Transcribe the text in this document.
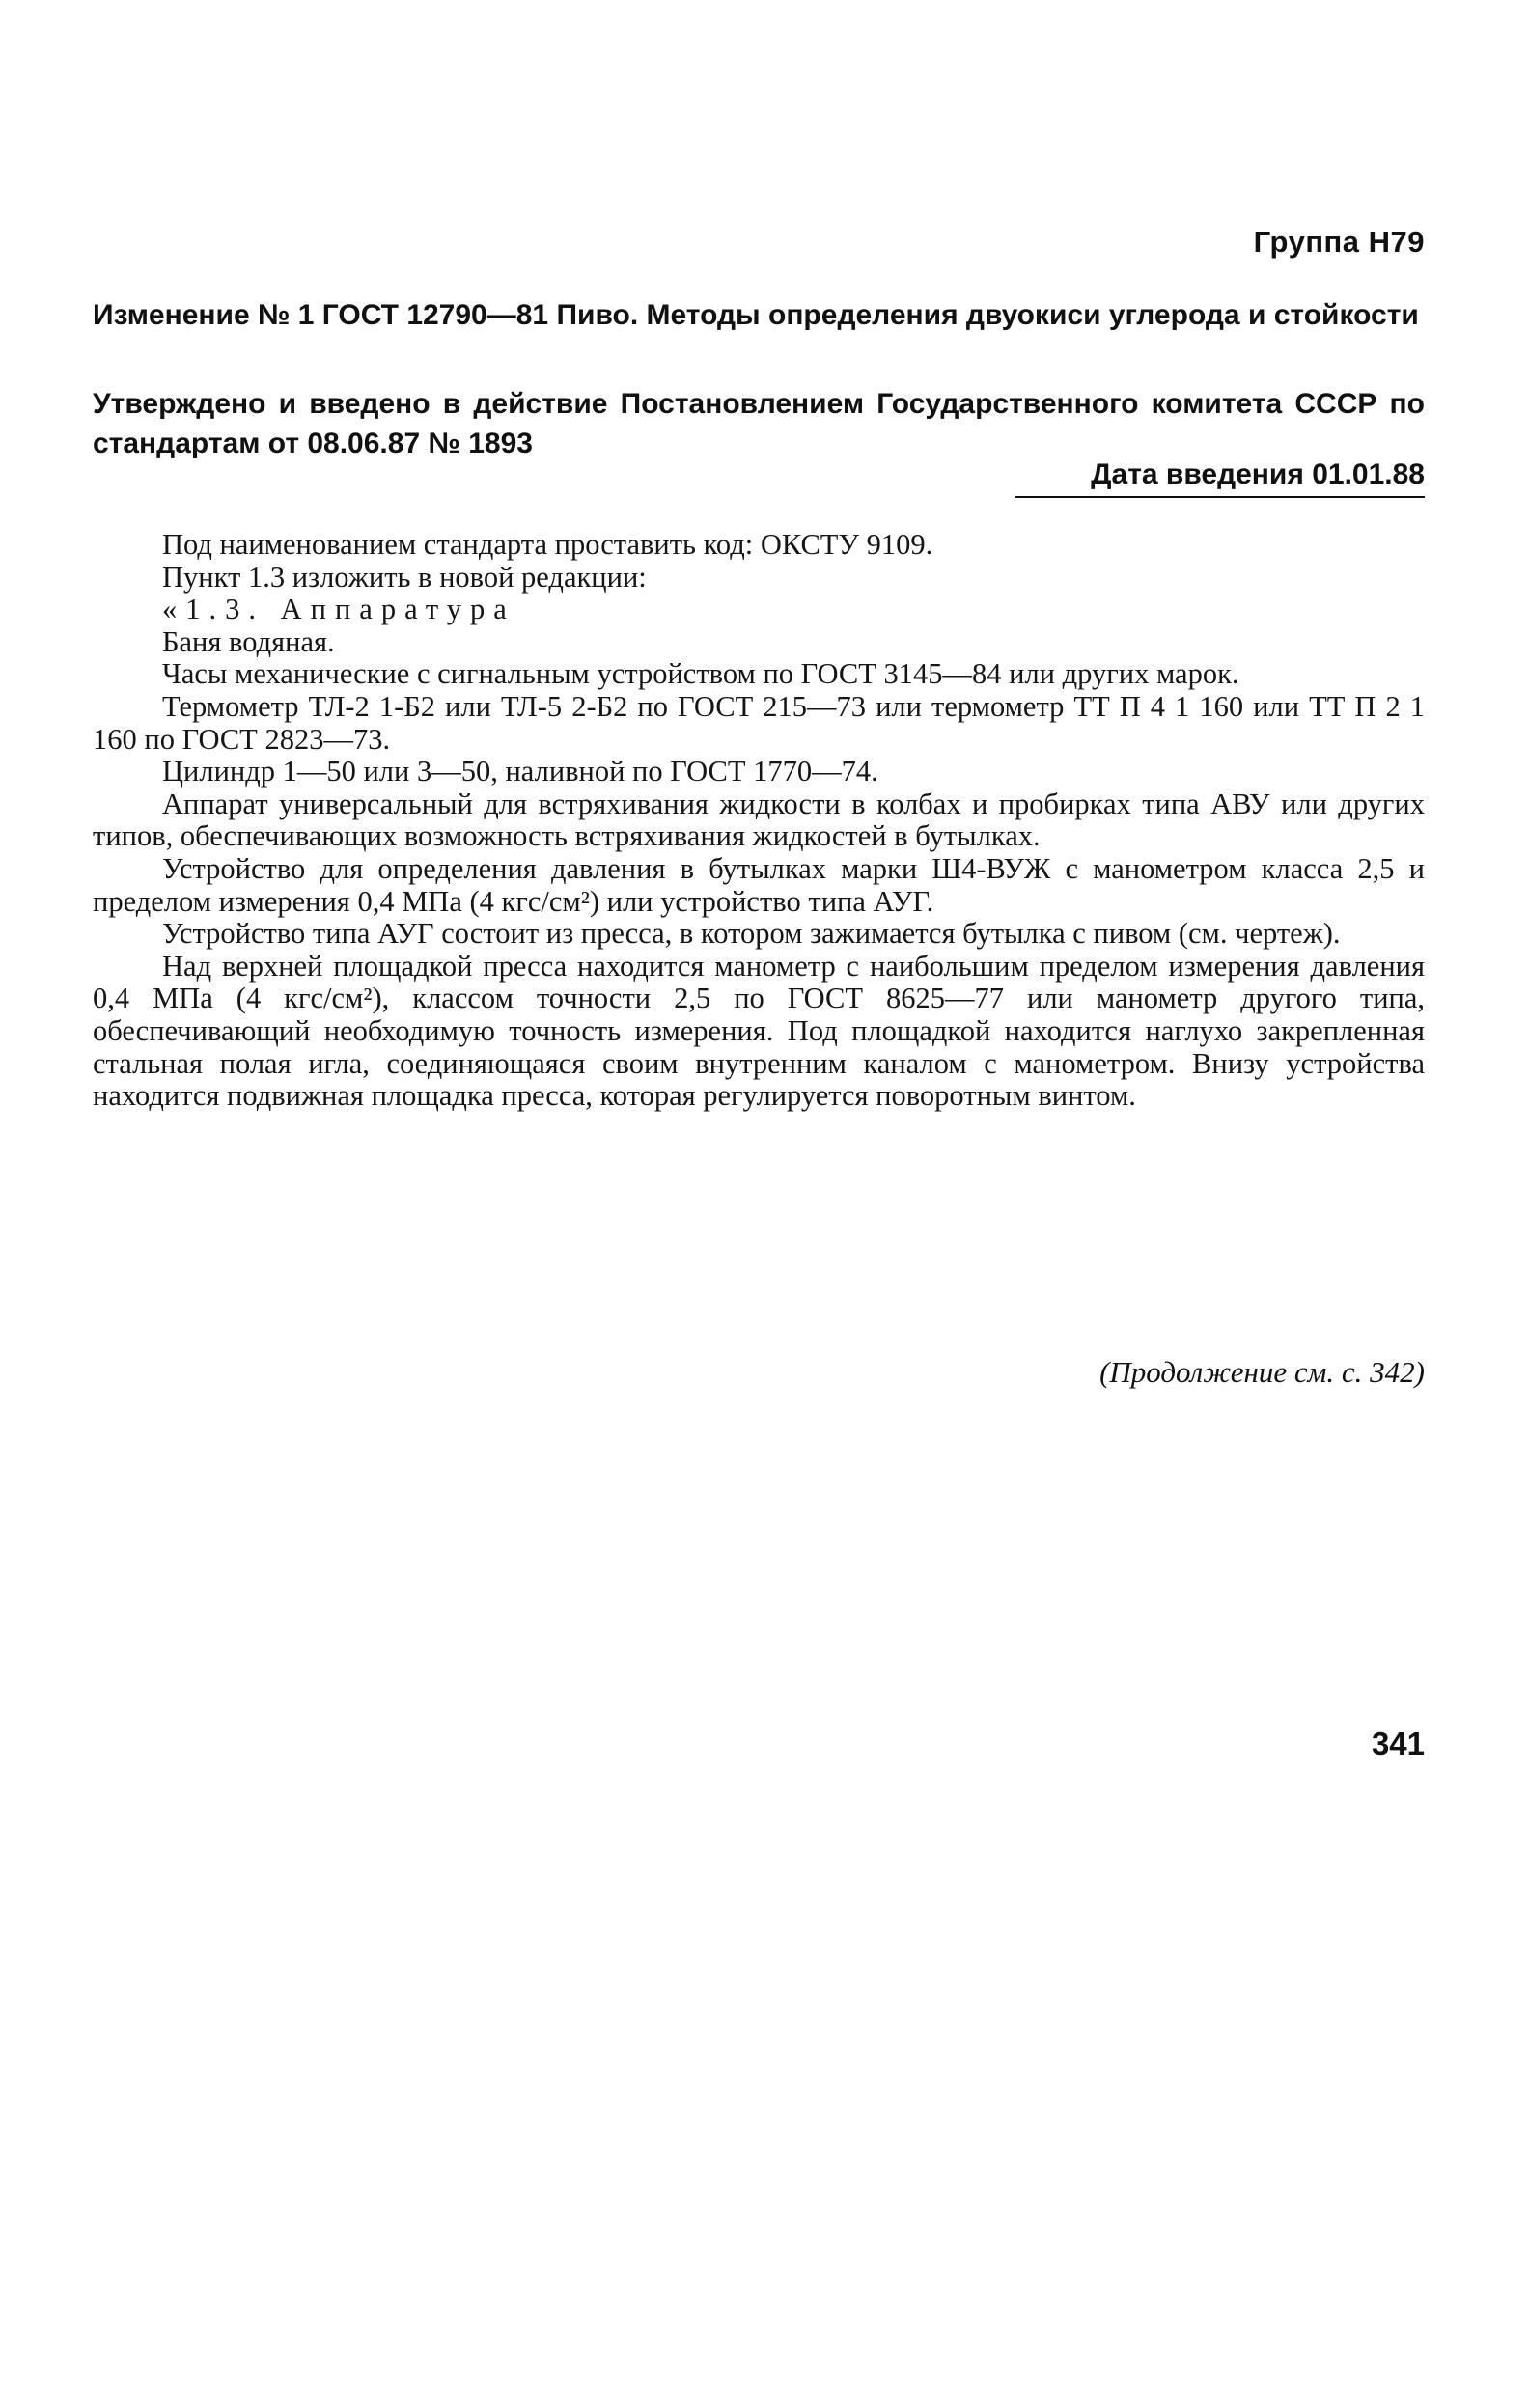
Группа Н79

Изменение № 1 ГОСТ 12790—81 Пиво. Методы определения двуокиси углерода и стойкости

Утверждено и введено в действие Постановлением Государственного комитета СССР по стандартам от 08.06.87 № 1893

Дата введения 01.01.88

Под наименованием стандарта проставить код: ОКСТУ 9109.

Пункт 1.3 изложить в новой редакции:

«1.3. Аппаратура

Баня водяная.

Часы механические с сигнальным устройством по ГОСТ 3145—84 или других марок.

Термометр ТЛ-2 1-Б2 или ТЛ-5 2-Б2 по ГОСТ 215—73 или термометр ТТ П 4 1 160 или ТТ П 2 1 160 по ГОСТ 2823—73.

Цилиндр 1—50 или 3—50, наливной по ГОСТ 1770—74.

Аппарат универсальный для встряхивания жидкости в колбах и пробирках типа АВУ или других типов, обеспечивающих возможность встряхивания жидкостей в бутылках.

Устройство для определения давления в бутылках марки Ш4-ВУЖ с манометром класса 2,5 и пределом измерения 0,4 МПа (4 кгс/см²) или устройство типа АУГ.

Устройство типа АУГ состоит из пресса, в котором зажимается бутылка с пивом (см. чертеж).

Над верхней площадкой пресса находится манометр с наибольшим пределом измерения давления 0,4 МПа (4 кгс/см²), классом точности 2,5 по ГОСТ 8625—77 или манометр другого типа, обеспечивающий необходимую точность измерения. Под площадкой находится наглухо закрепленная стальная полая игла, соединяющаяся своим внутренним каналом с манометром. Внизу устройства находится подвижная площадка пресса, которая регулируется поворотным винтом.

(Продолжение см. с. 342)
341
